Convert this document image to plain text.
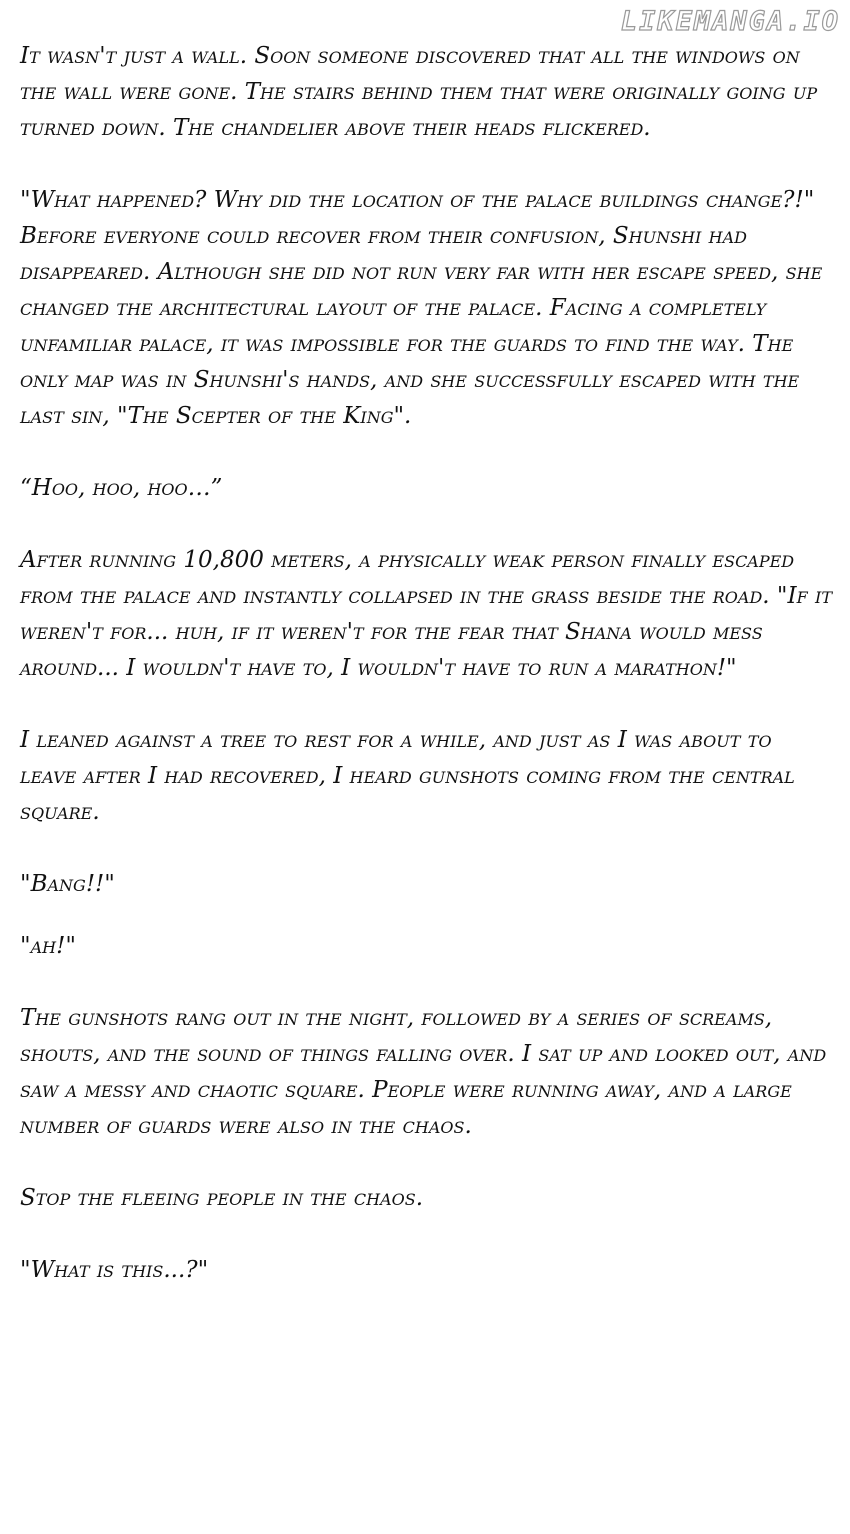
LIKEMANGA.IO

It wasn't just a wall. Soon someone discovered that all the windows on the wall were gone. The stairs behind them that were originally going up turned down. The chandelier above their heads flickered.

"What happened? Why did the location of the palace buildings change?!" Before everyone could recover from their confusion, Shunshi had disappeared. Although she did not run very far with her escape speed, she changed the architectural layout of the palace. Facing a completely unfamiliar palace, it was impossible for the guards to find the way. The only map was in Shunshi's hands, and she successfully escaped with the last sin, "The Scepter of the King".

“Hoo, hoo, hoo…”

After running 10,800 meters, a physically weak person finally escaped from the palace and instantly collapsed in the grass beside the road. "If it weren't for... huh, if it weren't for the fear that Shana would mess around... I wouldn't have to, I wouldn't have to run a marathon!"

I leaned against a tree to rest for a while, and just as I was about to leave after I had recovered, I heard gunshots coming from the central square.

"Bang!!"

"ah!"

The gunshots rang out in the night, followed by a series of screams, shouts, and the sound of things falling over. I sat up and looked out, and saw a messy and chaotic square. People were running away, and a large number of guards were also in the chaos.

Stop the fleeing people in the chaos.

"What is this...?"
